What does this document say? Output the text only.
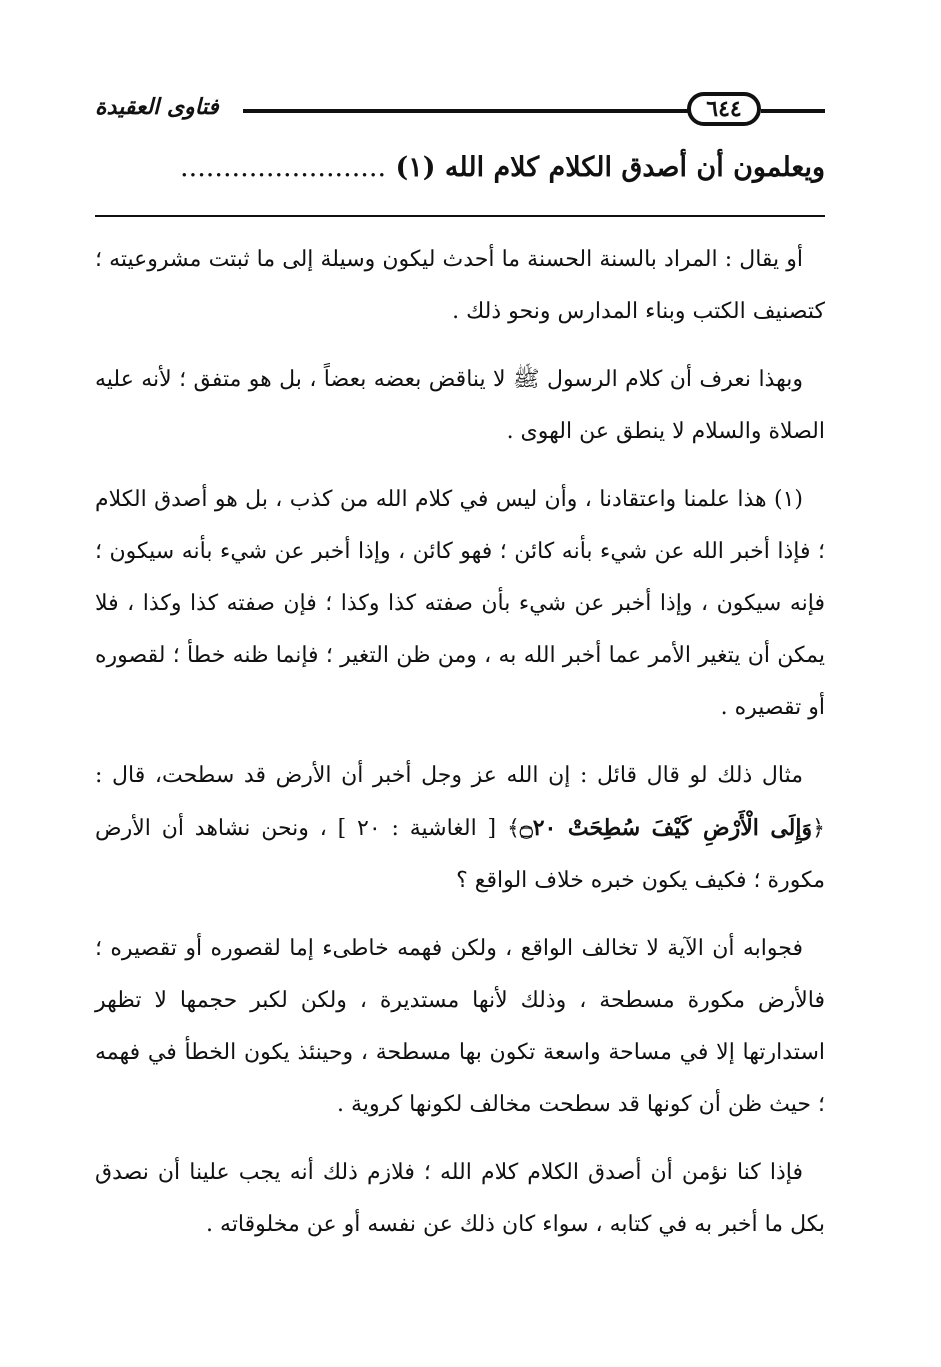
فتاوى العقيدة	٦٤٤
ويعلمون أن أصدق الكلام كلام الله (١) ........................

أو يقال : المراد بالسنة الحسنة ما أحدث ليكون وسيلة إلى ما ثبتت مشروعيته ؛ كتصنيف الكتب وبناء المدارس ونحو ذلك .

وبهذا نعرف أن كلام الرسول ﷺ لا يناقض بعضه بعضاً ، بل هو متفق ؛ لأنه عليه الصلاة والسلام لا ينطق عن الهوى .

(١) هذا علمنا واعتقادنا ، وأن ليس في كلام الله من كذب ، بل هو أصدق الكلام ؛ فإذا أخبر الله عن شيء بأنه كائن ؛ فهو كائن ، وإذا أخبر عن شيء بأنه سيكون ؛ فإنه سيكون ، وإذا أخبر عن شيء بأن صفته كذا وكذا ؛ فإن صفته كذا وكذا ، فلا يمكن أن يتغير الأمر عما أخبر الله به ، ومن ظن التغير ؛ فإنما ظنه خطأ ؛ لقصوره أو تقصيره .

مثال ذلك لو قال قائل : إن الله عز وجل أخبر أن الأرض قد سطحت، قال : ﴿وَإِلَى الْأَرْضِ كَيْفَ سُطِحَتْ ۝٢٠﴾ [ الغاشية : ٢٠ ] ، ونحن نشاهد أن الأرض مكورة ؛ فكيف يكون خبره خلاف الواقع ؟

فجوابه أن الآية لا تخالف الواقع ، ولكن فهمه خاطىء إما لقصوره أو تقصيره ؛ فالأرض مكورة مسطحة ، وذلك لأنها مستديرة ، ولكن لكبر حجمها لا تظهر استدارتها إلا في مساحة واسعة تكون بها مسطحة ، وحينئذ يكون الخطأ في فهمه ؛ حيث ظن أن كونها قد سطحت مخالف لكونها كروية .

فإذا كنا نؤمن أن أصدق الكلام كلام الله ؛ فلازم ذلك أنه يجب علينا أن نصدق بكل ما أخبر به في كتابه ، سواء كان ذلك عن نفسه أو عن مخلوقاته .
